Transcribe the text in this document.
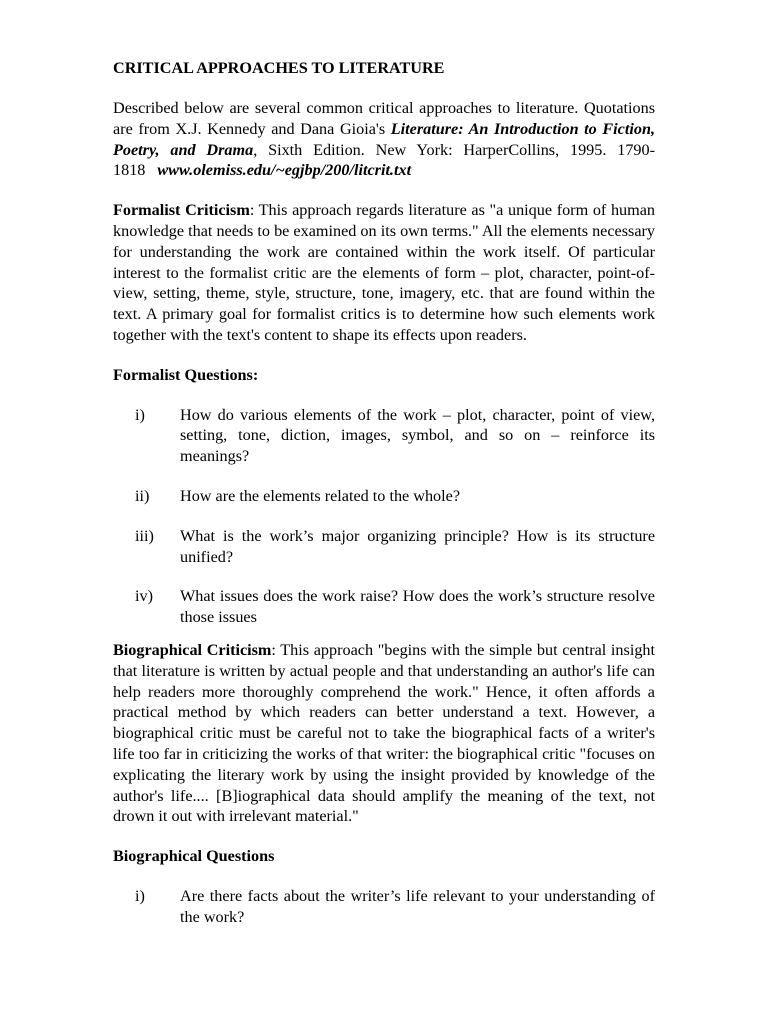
CRITICAL APPROACHES TO LITERATURE

Described below are several common critical approaches to literature. Quotations are from X.J. Kennedy and Dana Gioia's Literature: An Introduction to Fiction, Poetry, and Drama, Sixth Edition. New York: HarperCollins, 1995. 1790-1818 www.olemiss.edu/~egjbp/200/litcrit.txt

Formalist Criticism: This approach regards literature as "a unique form of human knowledge that needs to be examined on its own terms." All the elements necessary for understanding the work are contained within the work itself. Of particular interest to the formalist critic are the elements of form – plot, character, point-of-view, setting, theme, style, structure, tone, imagery, etc. that are found within the text. A primary goal for formalist critics is to determine how such elements work together with the text's content to shape its effects upon readers.

Formalist Questions:
i) How do various elements of the work – plot, character, point of view, setting, tone, diction, images, symbol, and so on – reinforce its meanings?
ii) How are the elements related to the whole?
iii) What is the work’s major organizing principle? How is its structure unified?
iv) What issues does the work raise? How does the work’s structure resolve those issues

Biographical Criticism: This approach "begins with the simple but central insight that literature is written by actual people and that understanding an author's life can help readers more thoroughly comprehend the work." Hence, it often affords a practical method by which readers can better understand a text. However, a biographical critic must be careful not to take the biographical facts of a writer's life too far in criticizing the works of that writer: the biographical critic "focuses on explicating the literary work by using the insight provided by knowledge of the author's life.... [B]iographical data should amplify the meaning of the text, not drown it out with irrelevant material."

Biographical Questions
i) Are there facts about the writer’s life relevant to your understanding of the work?
